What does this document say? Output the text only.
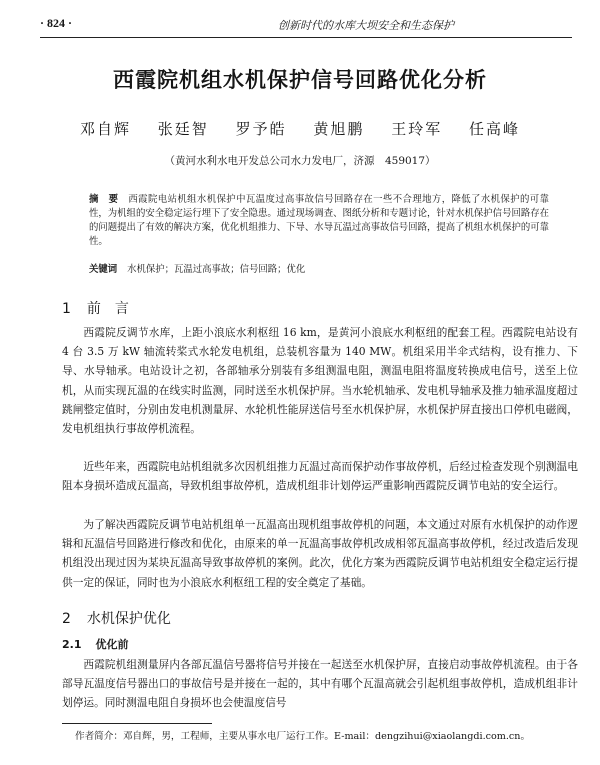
· 824 ·	创新时代的水库大坝安全和生态保护
西霞院机组水机保护信号回路优化分析
邓自辉 张廷智 罗予皓 黄旭鹏 王玲军 任高峰
（黄河水利水电开发总公司水力发电厂，济源　459017）
摘　要 西霞院电站机组水机保护中瓦温度过高事故信号回路存在一些不合理地方，降低了水机保护的可靠性，为机组的安全稳定运行埋下了安全隐患。通过现场调查、图纸分析和专题讨论，针对水机保护信号回路存在的问题提出了有效的解决方案，优化机组推力、下导、水导瓦温过高事故信号回路，提高了机组水机保护的可靠性。
关键词 水机保护；瓦温过高事故；信号回路；优化
1 前　言
西霞院反调节水库，上距小浪底水利枢纽 16 km，是黄河小浪底水利枢纽的配套工程。西霞院电站设有 4 台 3.5 万 kW 轴流转桨式水轮发电机组，总装机容量为 140 MW。机组采用半伞式结构，设有推力、下导、水导轴承。电站设计之初，各部轴承分别装有多组测温电阻，测温电阻将温度转换成电信号，送至上位机，从而实现瓦温的在线实时监测，同时送至水机保护屏。当水轮机轴承、发电机导轴承及推力轴承温度超过跳闸整定值时，分别由发电机测量屏、水轮机性能屏送信号至水机保护屏，水机保护屏直接出口停机电磁阀，发电机组执行事故停机流程。
近些年来，西霞院电站机组就多次因机组推力瓦温过高而保护动作事故停机，后经过检查发现个别测温电阻本身损坏造成瓦温高，导致机组事故停机，造成机组非计划停运严重影响西霞院反调节电站的安全运行。
为了解决西霞院反调节电站机组单一瓦温高出现机组事故停机的问题，本文通过对原有水机保护的动作逻辑和瓦温信号回路进行修改和优化，由原来的单一瓦温高事故停机改成相邻瓦温高事故停机，经过改造后发现机组没出现过因为某块瓦温高导致事故停机的案例。此次，优化方案为西霞院反调节电站机组安全稳定运行提供一定的保证，同时也为小浪底水利枢纽工程的安全奠定了基础。
2 水机保护优化
2.1 优化前
西霞院机组测量屏内各部瓦温信号器将信号并接在一起送至水机保护屏，直接启动事故停机流程。由于各部导瓦温度信号器出口的事故信号是并接在一起的，其中有哪个瓦温高就会引起机组事故停机，造成机组非计划停运。同时测温电阻自身损坏也会使温度信号
作者简介：邓自辉，男，工程师，主要从事水电厂运行工作。E-mail：dengzihui@xiaolangdi.com.cn。
